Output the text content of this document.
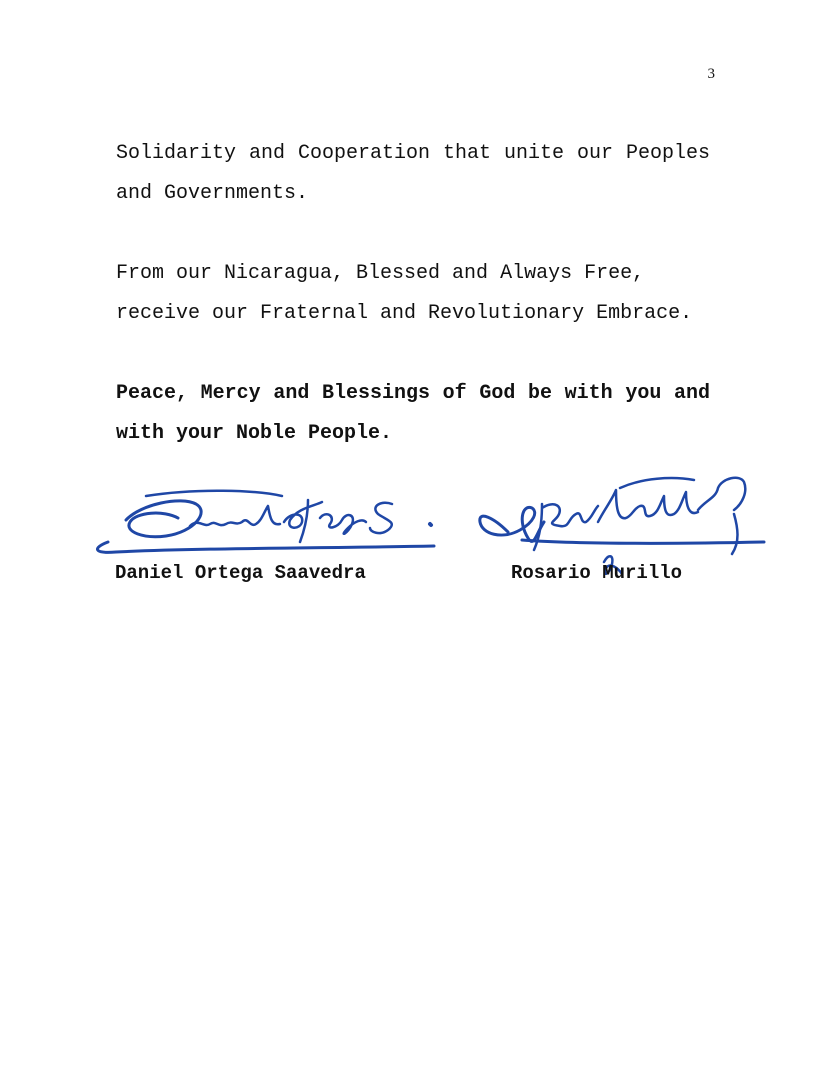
3

Solidarity and Cooperation that unite our Peoples and Governments.

From our Nicaragua, Blessed and Always Free,
receive our Fraternal and Revolutionary Embrace.

Peace, Mercy and Blessings of God be with you and with your Noble People.

Daniel Ortega Saavedra	Rosario Murillo
